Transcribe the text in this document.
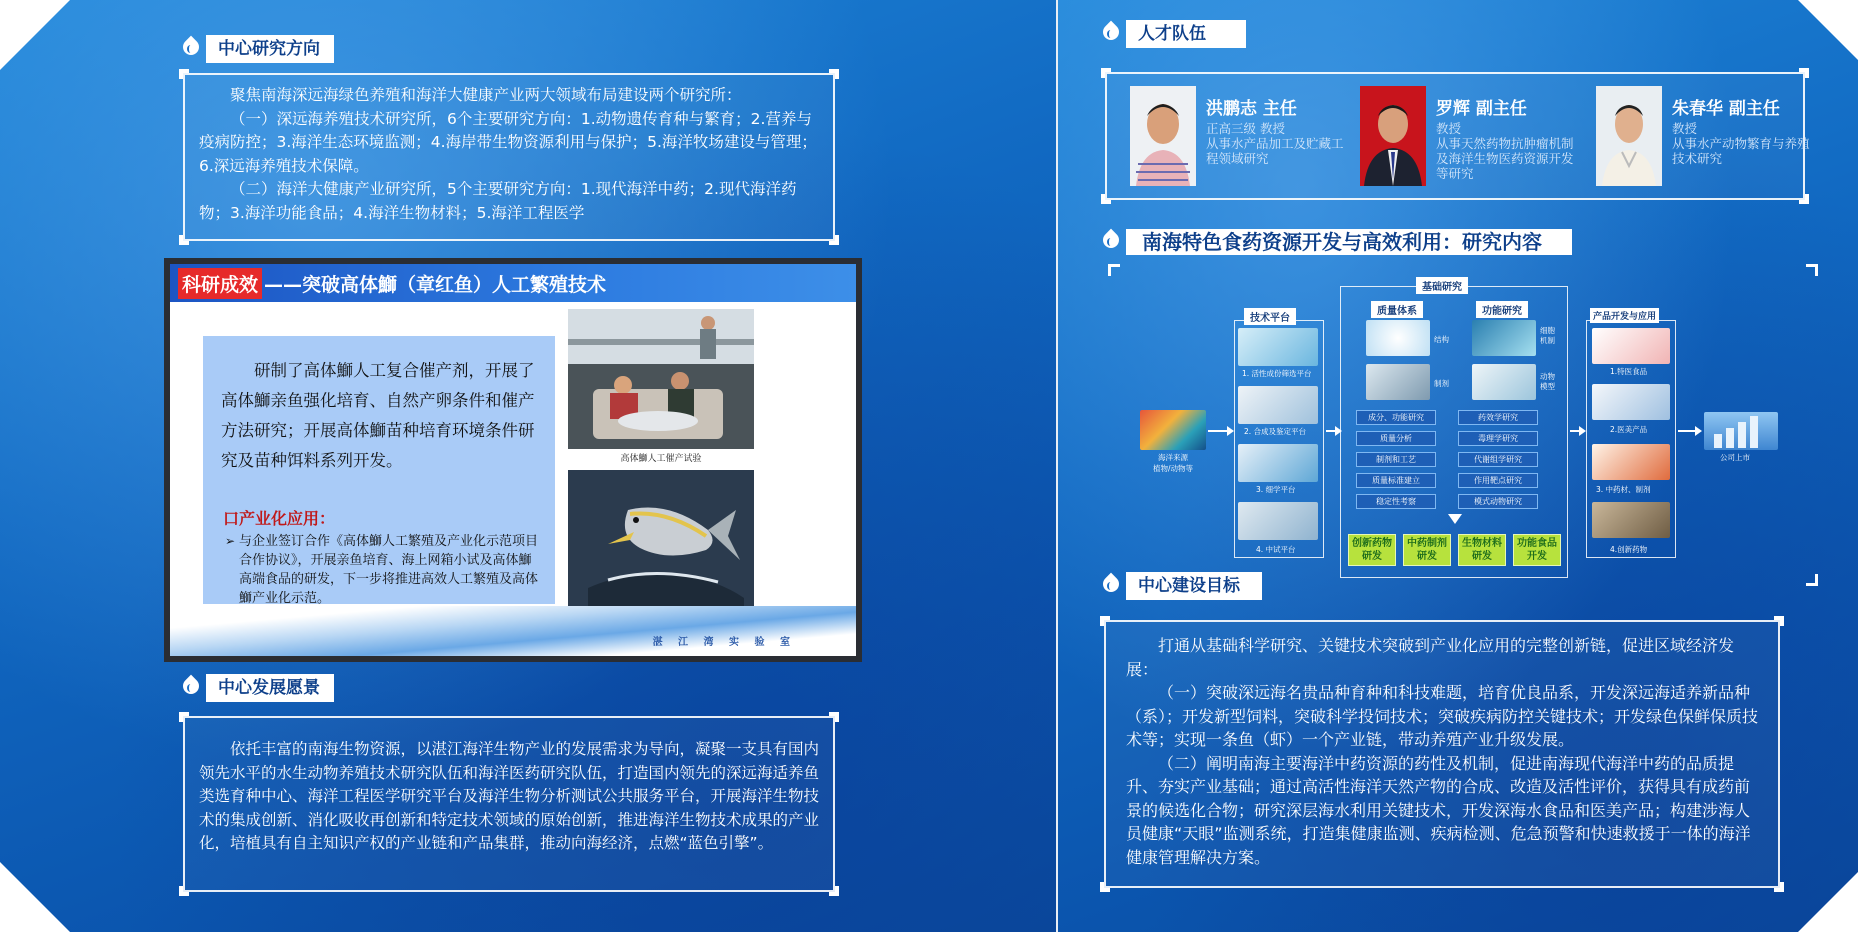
中心研究方向

聚焦南海深远海绿色养殖和海洋大健康产业两大领域布局建设两个研究所：

（一）深远海养殖技术研究所，6个主要研究方向：1.动物遗传育种与繁育；2.营养与疫病防控；3.海洋生态环境监测；4.海岸带生物资源利用与保护；5.海洋牧场建设与管理；6.深远海养殖技术保障。

（二）海洋大健康产业研究所，5个主要研究方向：1.现代海洋中药；2.现代海洋药物；3.海洋功能食品；4.海洋生物材料；5.海洋工程医学

科研成效 ——突破高体鰤（章红鱼）人工繁殖技术
研制了高体鰤人工复合催产剂，开展了高体鰤亲鱼强化培育、自然产卵条件和催产方法研究；开展高体鰤苗种培育环境条件研究及苗种饵料系列开发。
口产业化应用：
➢ 与企业签订合作《高体鰤人工繁殖及产业化示范项目合作协议》，开展亲鱼培育、海上网箱小试及高体鰤高端食品的研发，下一步将推进高效人工繁殖及高体鰤产业化示范。
高体鰤人工催产试验
湛 江 湾 实 验 室
中心发展愿景

依托丰富的南海生物资源，以湛江海洋生物产业的发展需求为导向，凝聚一支具有国内领先水平的水生动物养殖技术研究队伍和海洋医药研究队伍，打造国内领先的深远海适养鱼类选育种中心、海洋工程医学研究平台及海洋生物分析测试公共服务平台，开展海洋生物技术的集成创新、消化吸收再创新和特定技术领域的原始创新，推进海洋生物技术成果的产业化，培植具有自主知识产权的产业链和产品集群，推动向海经济，点燃“蓝色引擎”。

人才队伍
洪鹏志 主任
正高三级 教授
从事水产品加工及贮藏工程领域研究
罗辉 副主任
教授
从事天然药物抗肿瘤机制及海洋生物医药资源开发等研究
朱春华 副主任
教授
从事水产动物繁育与养殖技术研究
南海特色食药资源开发与高效利用：研究内容
海洋来源
植物/动物等
技术平台
1. 活性成份筛选平台
2. 合成及鉴定平台
3. 细学平台
4. 中试平台
基础研究
质量体系	功能研究
结构
制剂
细胞机制
动物模型
成分、功能研究
质量分析
制剂和工艺
质量标准建立
稳定性考察
药效学研究
毒理学研究
代谢组学研究
作用靶点研究
模式动物研究
创新药物研发
中药制剂研发
生物材料研发
功能食品开发
产品开发与应用
1.特医食品
2.医美产品
3. 中药材、制剂
4.创新药物
公司上市
中心建设目标

打通从基础科学研究、关键技术突破到产业化应用的完整创新链，促进区域经济发展：

（一）突破深远海名贵品种育种和科技难题，培育优良品系，开发深远海适养新品种（系）；开发新型饲料，突破科学投饲技术；突破疾病防控关键技术；开发绿色保鲜保质技术等；实现一条鱼（虾）一个产业链，带动养殖产业升级发展。

（二）阐明南海主要海洋中药资源的药性及机制，促进南海现代海洋中药的品质提升、夯实产业基础；通过高活性海洋天然产物的合成、改造及活性评价，获得具有成药前景的候选化合物；研究深层海水利用关键技术，开发深海水食品和医美产品；构建涉海人员健康“天眼”监测系统，打造集健康监测、疾病检测、危急预警和快速救援于一体的海洋健康管理解决方案。
